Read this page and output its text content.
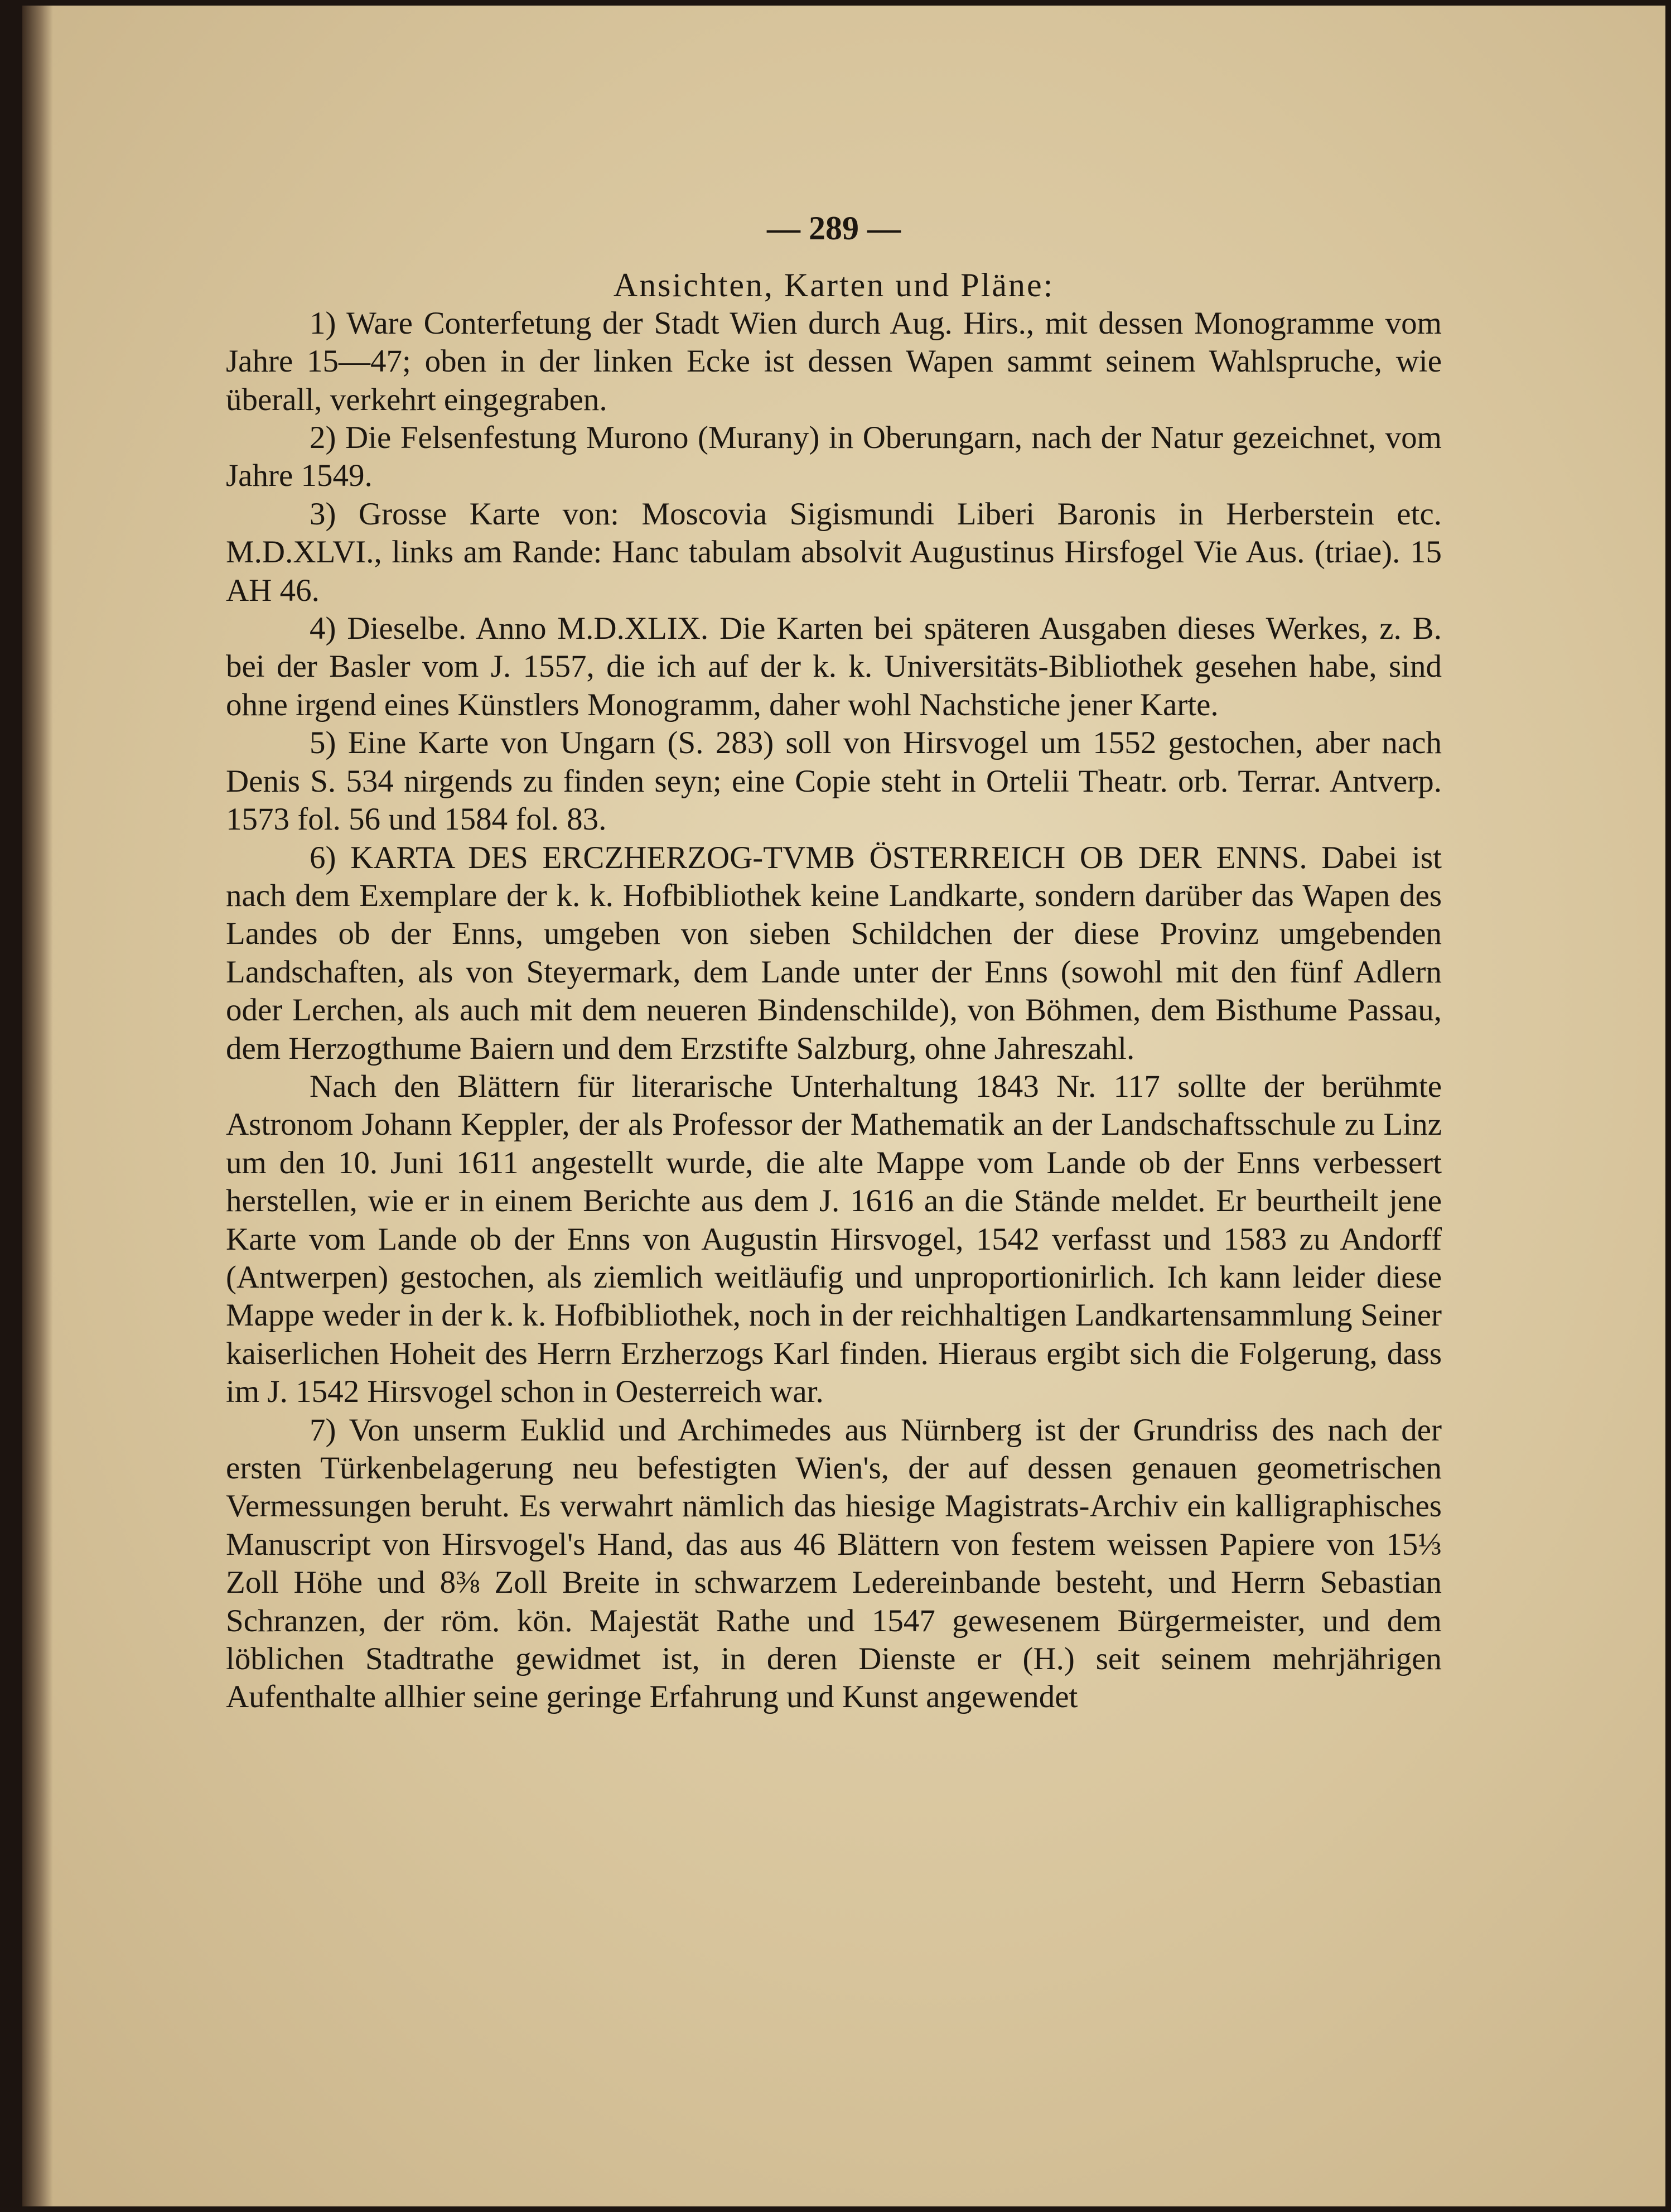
— 289 —
Ansichten, Karten und Pläne:

1) Ware Conterfetung der Stadt Wien durch Aug. Hirs., mit dessen Monogramme vom Jahre 15—47; oben in der linken Ecke ist dessen Wapen sammt seinem Wahlspruche, wie überall, verkehrt eingegraben.

2) Die Felsenfestung Murono (Murany) in Oberungarn, nach der Natur gezeichnet, vom Jahre 1549.

3) Grosse Karte von: Moscovia Sigismundi Liberi Baronis in Herberstein etc. M.D.XLVI., links am Rande: Hanc tabulam absolvit Augustinus Hirsfogel Vie Aus. (triae). 15 AH 46.

4) Dieselbe. Anno M.D.XLIX. Die Karten bei späteren Ausgaben dieses Werkes, z. B. bei der Basler vom J. 1557, die ich auf der k. k. Universitäts-Bibliothek gesehen habe, sind ohne irgend eines Künstlers Monogramm, daher wohl Nachstiche jener Karte.

5) Eine Karte von Ungarn (S. 283) soll von Hirsvogel um 1552 gestochen, aber nach Denis S. 534 nirgends zu finden seyn; eine Copie steht in Ortelii Theatr. orb. Terrar. Antverp. 1573 fol. 56 und 1584 fol. 83.

6) KARTA DES ERCZHERZOG-TVMB ÖSTERREICH OB DER ENNS. Dabei ist nach dem Exemplare der k. k. Hofbibliothek keine Landkarte, sondern darüber das Wapen des Landes ob der Enns, umgeben von sieben Schildchen der diese Provinz umgebenden Landschaften, als von Steyermark, dem Lande unter der Enns (sowohl mit den fünf Adlern oder Lerchen, als auch mit dem neueren Bindenschilde), von Böhmen, dem Bisthume Passau, dem Herzogthume Baiern und dem Erzstifte Salzburg, ohne Jahreszahl.

Nach den Blättern für literarische Unterhaltung 1843 Nr. 117 sollte der berühmte Astronom Johann Keppler, der als Professor der Mathematik an der Landschaftsschule zu Linz um den 10. Juni 1611 angestellt wurde, die alte Mappe vom Lande ob der Enns verbessert herstellen, wie er in einem Berichte aus dem J. 1616 an die Stände meldet. Er beurtheilt jene Karte vom Lande ob der Enns von Augustin Hirsvogel, 1542 verfasst und 1583 zu Andorff (Antwerpen) gestochen, als ziemlich weitläufig und unproportionirlich. Ich kann leider diese Mappe weder in der k. k. Hofbibliothek, noch in der reichhaltigen Landkartensammlung Seiner kaiserlichen Hoheit des Herrn Erzherzogs Karl finden. Hieraus ergibt sich die Folgerung, dass im J. 1542 Hirsvogel schon in Oesterreich war.

7) Von unserm Euklid und Archimedes aus Nürnberg ist der Grundriss des nach der ersten Türkenbelagerung neu befestigten Wien's, der auf dessen genauen geometrischen Vermessungen beruht. Es verwahrt nämlich das hiesige Magistrats-Archiv ein kalligraphisches Manuscript von Hirsvogel's Hand, das aus 46 Blättern von festem weissen Papiere von 15⅓ Zoll Höhe und 8⅜ Zoll Breite in schwarzem Ledereinbande besteht, und Herrn Sebastian Schranzen, der röm. kön. Majestät Rathe und 1547 gewesenem Bürgermeister, und dem löblichen Stadtrathe gewidmet ist, in deren Dienste er (H.) seit seinem mehrjährigen Aufenthalte allhier seine geringe Erfahrung und Kunst angewendet
